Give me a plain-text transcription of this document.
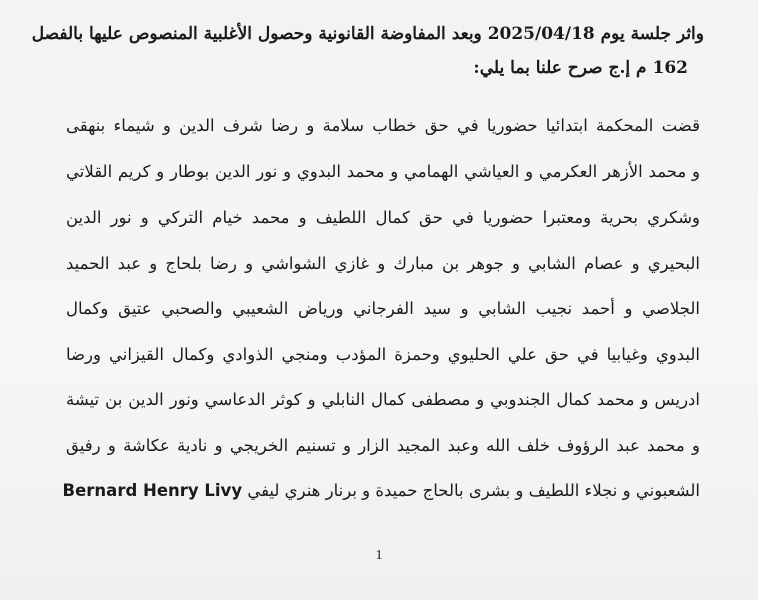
واثر جلسة يوم 2025/04/18 وبعد المفاوضة القانونية وحصول الأغلبية المنصوص عليها بالفصل
162 م إ.ج صرح علنا بما يلي:
قضت المحكمة ابتدائيا حضوريا في حق خطاب سلامة و رضا شرف الدين و شيماء بنهقى
و محمد الأزهر العكرمي و العياشي الهمامي و محمد البدوي و نور الدين بوطار و كريم القلاتي
وشكري بحرية ومعتبرا حضوريا في حق كمال اللطيف و محمد خيام التركي و نور الدين
البحيري و عصام الشابي و جوهر بن مبارك و غازي الشواشي و رضا بلحاج و عبد الحميد
الجلاصي و أحمد نجيب الشابي و سيد الفرجاني ورياض الشعيبي والصحبي عتيق وكمال
البدوي وغيابيا في حق علي الحليوي وحمزة المؤدب ومنجي الذوادي وكمال القيزاني ورضا
ادريس و محمد كمال الجندوبي و مصطفى كمال النابلي و كوثر الدعاسي ونور الدين بن تيشة
و محمد عبد الرؤوف خلف الله وعبد المجيد الزار و تسنيم الخريجي و نادية عكاشة و رفيق
الشعبوني و نجلاء اللطيف و بشرى بالحاج حميدة و برنار هنري ليفي Bernard Henry Livy
1
